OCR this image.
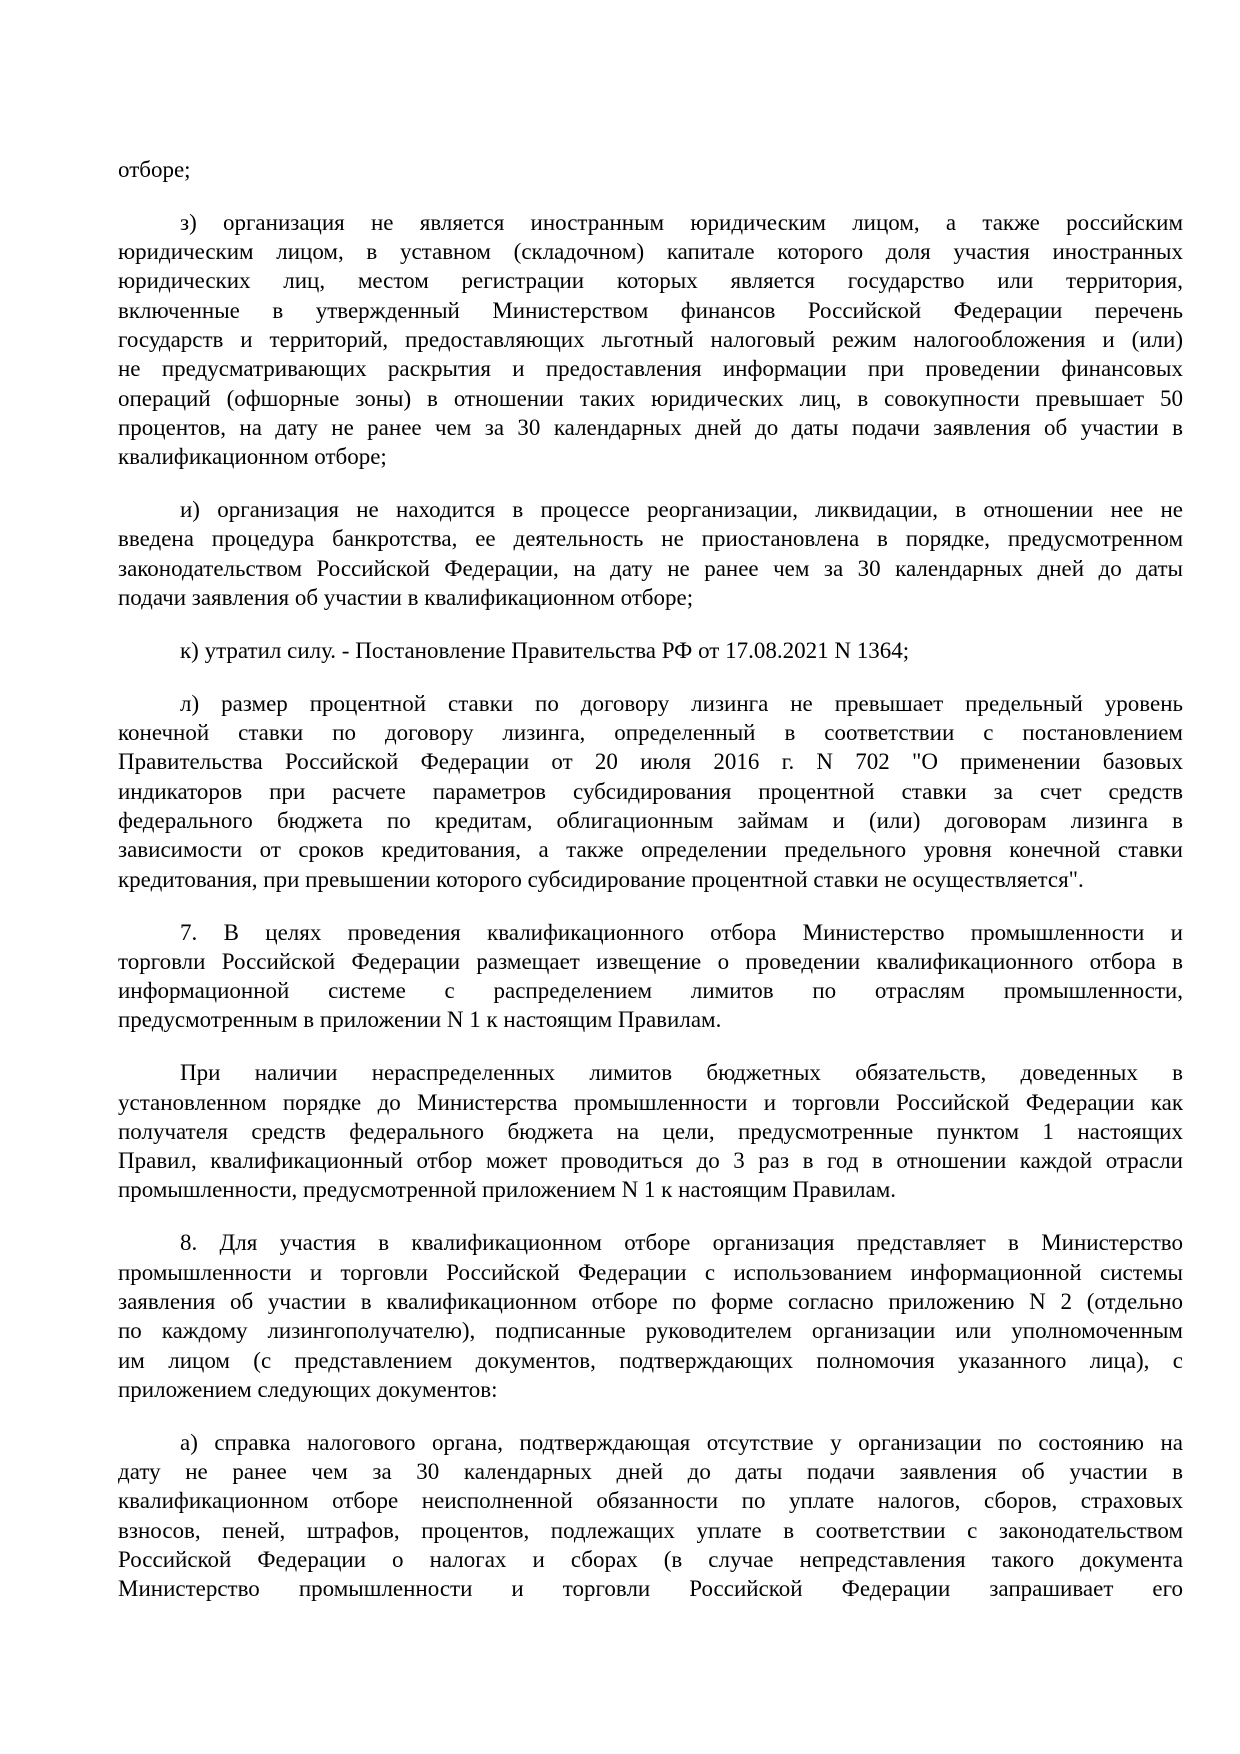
отборе;
з) организация не является иностранным юридическим лицом, а также российским
юридическим лицом, в уставном (складочном) капитале которого доля участия иностранных
юридических лиц, местом регистрации которых является государство или территория,
включенные в утвержденный Министерством финансов Российской Федерации перечень
государств и территорий, предоставляющих льготный налоговый режим налогообложения и (или)
не предусматривающих раскрытия и предоставления информации при проведении финансовых
операций (офшорные зоны) в отношении таких юридических лиц, в совокупности превышает 50
процентов, на дату не ранее чем за 30 календарных дней до даты подачи заявления об участии в
квалификационном отборе;
и) организация не находится в процессе реорганизации, ликвидации, в отношении нее не
введена процедура банкротства, ее деятельность не приостановлена в порядке, предусмотренном
законодательством Российской Федерации, на дату не ранее чем за 30 календарных дней до даты
подачи заявления об участии в квалификационном отборе;
к) утратил силу. - Постановление Правительства РФ от 17.08.2021 N 1364;
л) размер процентной ставки по договору лизинга не превышает предельный уровень
конечной ставки по договору лизинга, определенный в соответствии с постановлением
Правительства Российской Федерации от 20 июля 2016 г. N 702 "О применении базовых
индикаторов при расчете параметров субсидирования процентной ставки за счет средств
федерального бюджета по кредитам, облигационным займам и (или) договорам лизинга в
зависимости от сроков кредитования, а также определении предельного уровня конечной ставки
кредитования, при превышении которого субсидирование процентной ставки не осуществляется".
7. В целях проведения квалификационного отбора Министерство промышленности и
торговли Российской Федерации размещает извещение о проведении квалификационного отбора в
информационной системе с распределением лимитов по отраслям промышленности,
предусмотренным в приложении N 1 к настоящим Правилам.
При наличии нераспределенных лимитов бюджетных обязательств, доведенных в
установленном порядке до Министерства промышленности и торговли Российской Федерации как
получателя средств федерального бюджета на цели, предусмотренные пунктом 1 настоящих
Правил, квалификационный отбор может проводиться до 3 раз в год в отношении каждой отрасли
промышленности, предусмотренной приложением N 1 к настоящим Правилам.
8. Для участия в квалификационном отборе организация представляет в Министерство
промышленности и торговли Российской Федерации с использованием информационной системы
заявления об участии в квалификационном отборе по форме согласно приложению N 2 (отдельно
по каждому лизингополучателю), подписанные руководителем организации или уполномоченным
им лицом (с представлением документов, подтверждающих полномочия указанного лица), с
приложением следующих документов:
а) справка налогового органа, подтверждающая отсутствие у организации по состоянию на
дату не ранее чем за 30 календарных дней до даты подачи заявления об участии в
квалификационном отборе неисполненной обязанности по уплате налогов, сборов, страховых
взносов, пеней, штрафов, процентов, подлежащих уплате в соответствии с законодательством
Российской Федерации о налогах и сборах (в случае непредставления такого документа
Министерство промышленности и торговли Российской Федерации запрашивает его
